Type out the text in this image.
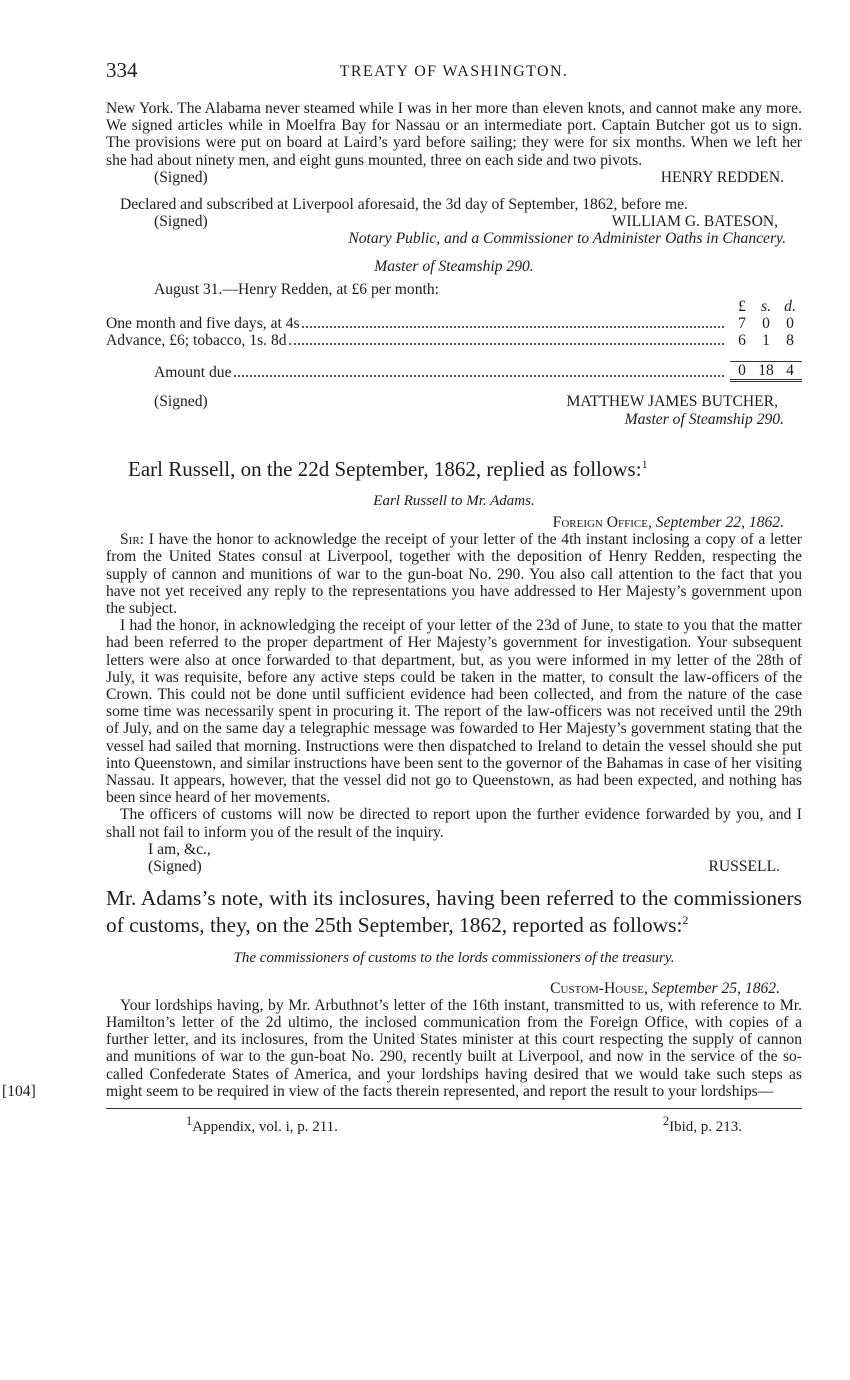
334	TREATY OF WASHINGTON.

New York. The Alabama never steamed while I was in her more than eleven knots, and cannot make any more. We signed articles while in Moelfra Bay for Nassau or an intermediate port. Captain Butcher got us to sign. The provisions were put on board at Laird’s yard before sailing; they were for six months. When we left her she had about ninety men, and eight guns mounted, three on each side and two pivots.

(Signed)	HENRY REDDEN.

Declared and subscribed at Liverpool aforesaid, the 3d day of September, 1862, before me.

(Signed)	WILLIAM G. BATESON,
Notary Public, and a Commissioner to Administer Oaths in Chancery.
Master of Steamship 290.
August 31.—Henry Redden, at £6 per month:
	£	s.	d.

One month and five days, at 4s	7	0	0

Advance, £6; tobacco, 1s. 8d	6	1	8

Amount due	0	18	4

(Signed)	MATTHEW JAMES BUTCHER,
Master of Steamship 290.
Earl Russell, on the 22d September, 1862, replied as follows:$^1$
Earl Russell to Mr. Adams.
Foreign Office, September 22, 1862.

Sir: I have the honor to acknowledge the receipt of your letter of the 4th instant inclosing a copy of a letter from the United States consul at Liverpool, together with the deposition of Henry Redden, respecting the supply of cannon and munitions of war to the gun-boat No. 290. You also call attention to the fact that you have not yet received any reply to the representations you have addressed to Her Majesty’s government upon the subject.

I had the honor, in acknowledging the receipt of your letter of the 23d of June, to state to you that the matter had been referred to the proper department of Her Majesty’s government for investigation. Your subsequent letters were also at once forwarded to that department, but, as you were informed in my letter of the 28th of July, it was requisite, before any active steps could be taken in the matter, to consult the law-officers of the Crown. This could not be done until sufficient evidence had been collected, and from the nature of the case some time was necessarily spent in procuring it. The report of the law-officers was not received until the 29th of July, and on the same day a telegraphic message was fowarded to Her Majesty’s government stating that the vessel had sailed that morning. Instructions were then dispatched to Ireland to detain the vessel should she put into Queenstown, and similar instructions have been sent to the governor of the Bahamas in case of her visiting Nassau. It appears, however, that the vessel did not go to Queenstown, as had been expected, and nothing has been since heard of her movements.

The officers of customs will now be directed to report upon the further evidence forwarded by you, and I shall not fail to inform you of the result of the inquiry.

I am, &c.,
(Signed)	RUSSELL.
Mr. Adams’s note, with its inclosures, having been referred to the commissioners of customs, they, on the 25th September, 1862, reported as follows:$^2$
The commissioners of customs to the lords commissioners of the treasury.
Custom-House, September 25, 1862.

Your lordships having, by Mr. Arbuthnot’s letter of the 16th instant, transmitted to us, with reference to Mr. Hamilton’s letter of the 2d ultimo, the inclosed communication from the Foreign Office, with copies of a further letter, and its inclosures, from the United States minister at this court respecting the supply of cannon and munitions of war to the gun-boat No. 290, recently built at Liverpool, and now in the service of the so-called Confederate States of America, and your lordships having desired that we would take such steps as might seem to be required in view of the facts therein represented, and report the result to your lordships—

[104]
$^1$Appendix, vol. i, p. 211.	$^2$Ibid, p. 213.
